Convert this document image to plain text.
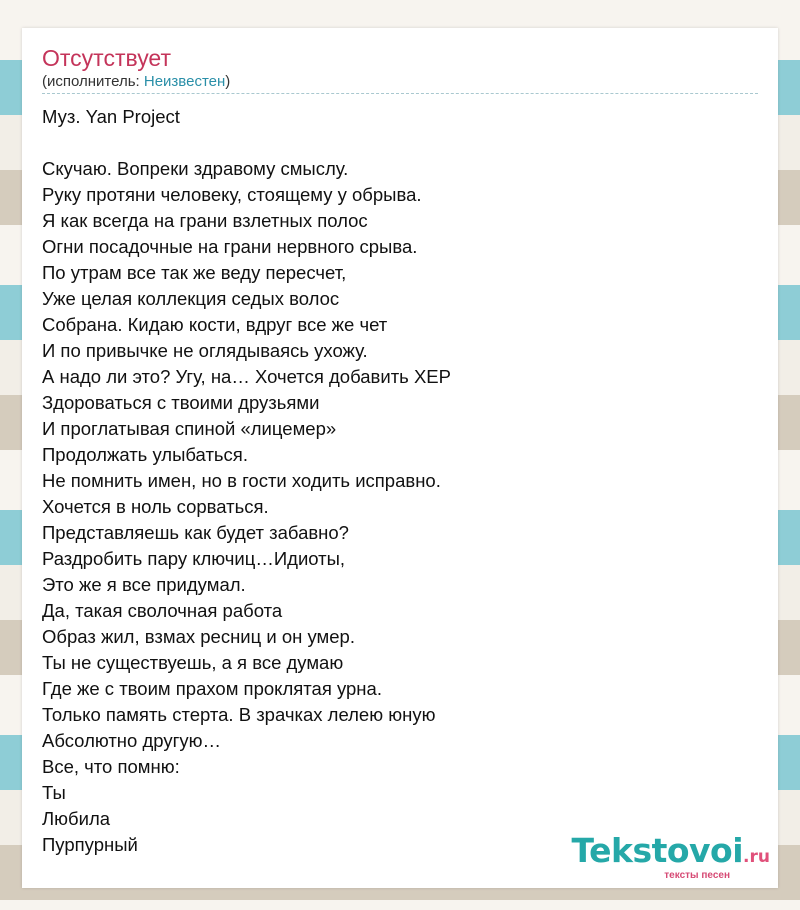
Отсутствует
(исполнитель: Неизвестен)
Муз. Yan Project
Скучаю. Вопреки здравому смыслу.
Руку протяни человеку, стоящему у обрыва.
Я как всегда на грани взлетных полос
Огни посадочные на грани нервного срыва.
По утрам все так же веду пересчет,
Уже целая коллекция седых волос
Собрана. Кидаю кости, вдруг все же чет
И по привычке не оглядываясь ухожу.
А надо ли это? Угу, на… Хочется добавить ХЕР
Здороваться с твоими друзьями
И проглатывая спиной «лицемер»
Продолжать улыбаться.
Не помнить имен, но в гости ходить исправно.
Хочется в ноль сорваться.
Представляешь как будет забавно?
Раздробить пару ключиц…Идиоты,
Это же я все придумал.
Да, такая сволочная работа
Образ жил, взмах ресниц и он умер.
Ты не существуешь, а я все думаю
Где же с твоим прахом проклятая урна.
Только память стерта. В зрачках лелею юную
Абсолютно другую…
Все, что помню:
Ты
Любила
Пурпурный	Tekstovoi.ru
тексты песен
